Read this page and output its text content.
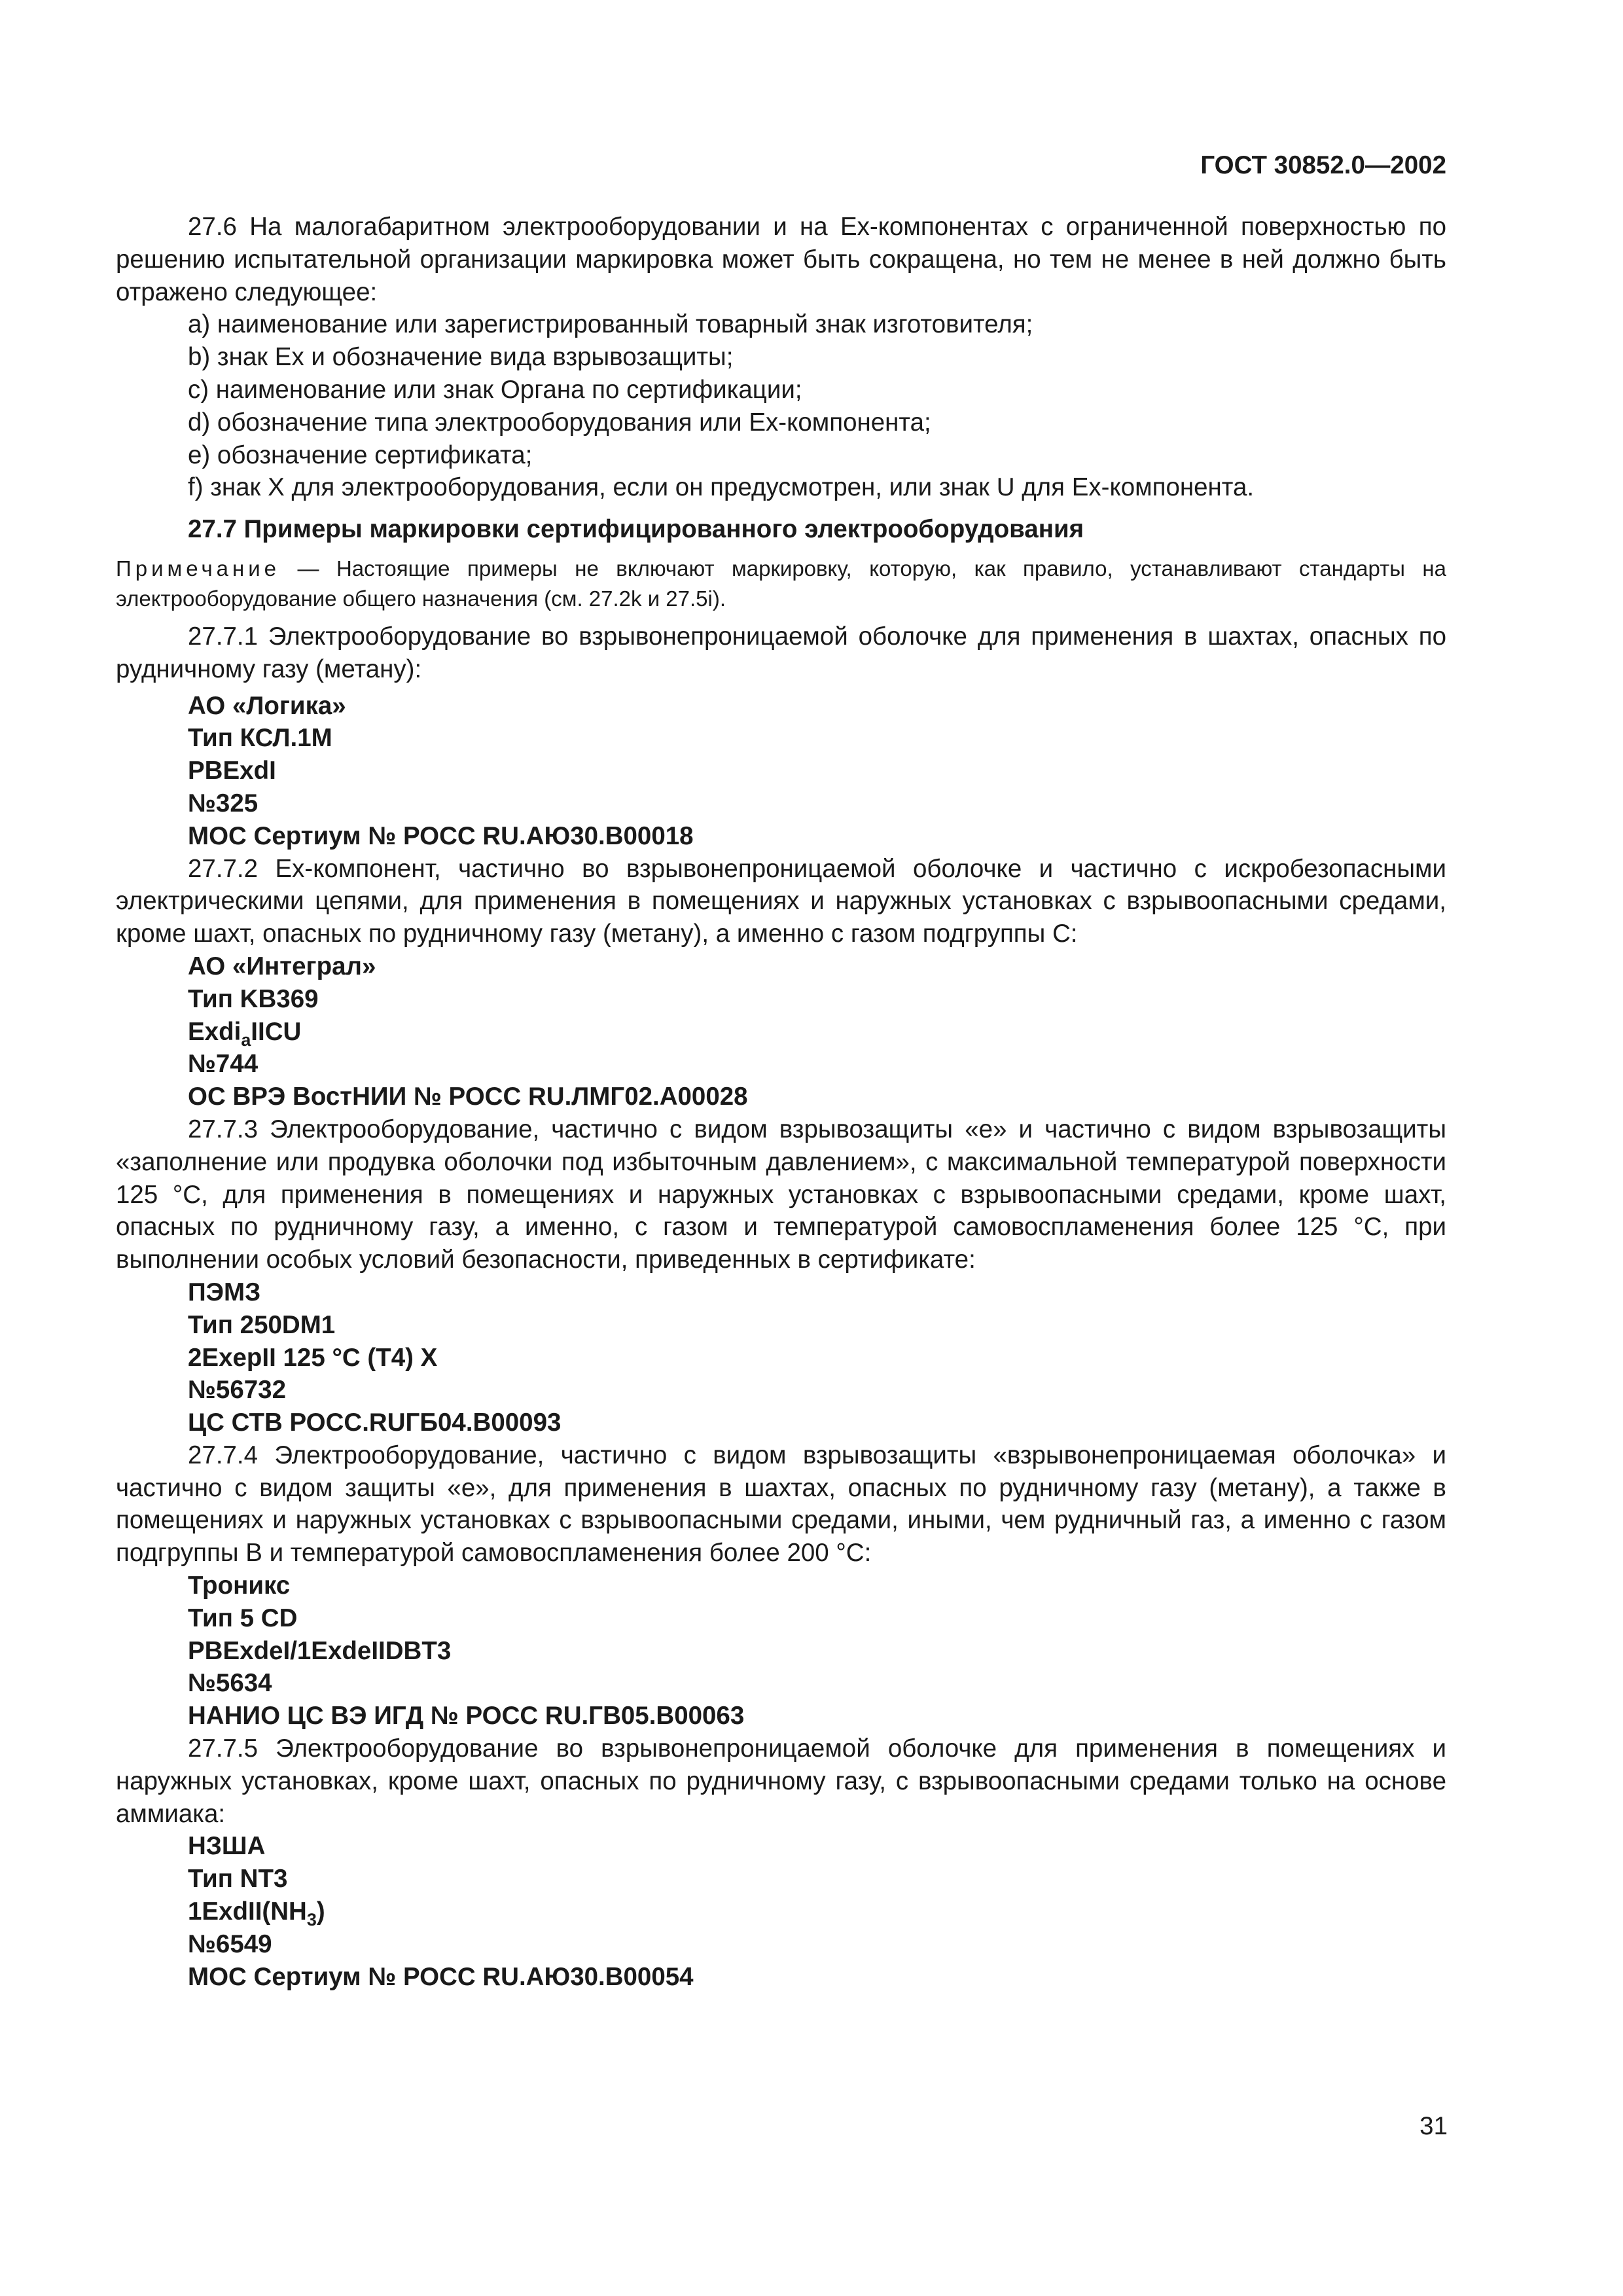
ГОСТ 30852.0—2002

27.6 На малогабаритном электрооборудовании и на Ex-компонентах с ограниченной поверхностью по решению испытательной организации маркировка может быть сокращена, но тем не менее в ней должно быть отражено следующее:

а) наименование или зарегистрированный товарный знак изготовителя;

b) знак Ex и обозначение вида взрывозащиты;

с) наименование или знак Органа по сертификации;

d) обозначение типа электрооборудования или Ex-компонента;

е) обозначение сертификата;

f) знак X для электрооборудования, если он предусмотрен, или знак U для Ex-компонента.

27.7 Примеры маркировки сертифицированного электрооборудования

Примечание — Настоящие примеры не включают маркировку, которую, как правило, устанавливают стандарты на электрооборудование общего назначения (см. 27.2k и 27.5i).

27.7.1 Электрооборудование во взрывонепроницаемой оболочке для применения в шахтах, опасных по рудничному газу (метану):

АО «Логика»

Тип КСЛ.1М

РВExdI

№325

МОС Сертиум № РОСС RU.АЮ30.В00018

27.7.2 Ex-компонент, частично во взрывонепроницаемой оболочке и частично с искробезопасными электрическими цепями, для применения в помещениях и наружных установках с взрывоопасными средами, кроме шахт, опасных по рудничному газу (метану), а именно с газом подгруппы С:

АО «Интеграл»

Тип KB369

Exdi$_a$IICU

№744

ОС ВРЭ ВостНИИ № РОСС RU.ЛМГ02.А00028

27.7.3 Электрооборудование, частично с видом взрывозащиты «е» и частично с видом взрывозащиты «заполнение или продувка оболочки под избыточным давлением», с максимальной температурой поверхности 125 °С, для применения в помещениях и наружных установках с взрывоопасными средами, кроме шахт, опасных по рудничному газу, а именно, с газом и температурой самовоспламенения более 125 °С, при выполнении особых условий безопасности, приведенных в сертификате:

ПЭМЗ

Тип 250DM1

2ExepII 125 °С (Т4) X

№56732

ЦС СТВ РОСС.RUГБ04.В00093

27.7.4 Электрооборудование, частично с видом взрывозащиты «взрывонепроницаемая оболочка» и частично с видом защиты «е», для применения в шахтах, опасных по рудничному газу (метану), а также в помещениях и наружных установках с взрывоопасными средами, иными, чем рудничный газ, а именно с газом подгруппы В и температурой самовоспламенения более 200 °С:

Троникс

Тип 5 CD

РВExdeI/1ExdeIIDBT3

№5634

НАНИО ЦС ВЭ ИГД № РОСС RU.ГВ05.В00063

27.7.5 Электрооборудование во взрывонепроницаемой оболочке для применения в помещениях и наружных установках, кроме шахт, опасных по рудничному газу, с взрывоопасными средами только на основе аммиака:

НЗША

Тип NT3

$1ExdII(NH_3)$

№6549

МОС Сертиум № РОСС RU.АЮ30.В00054

31
